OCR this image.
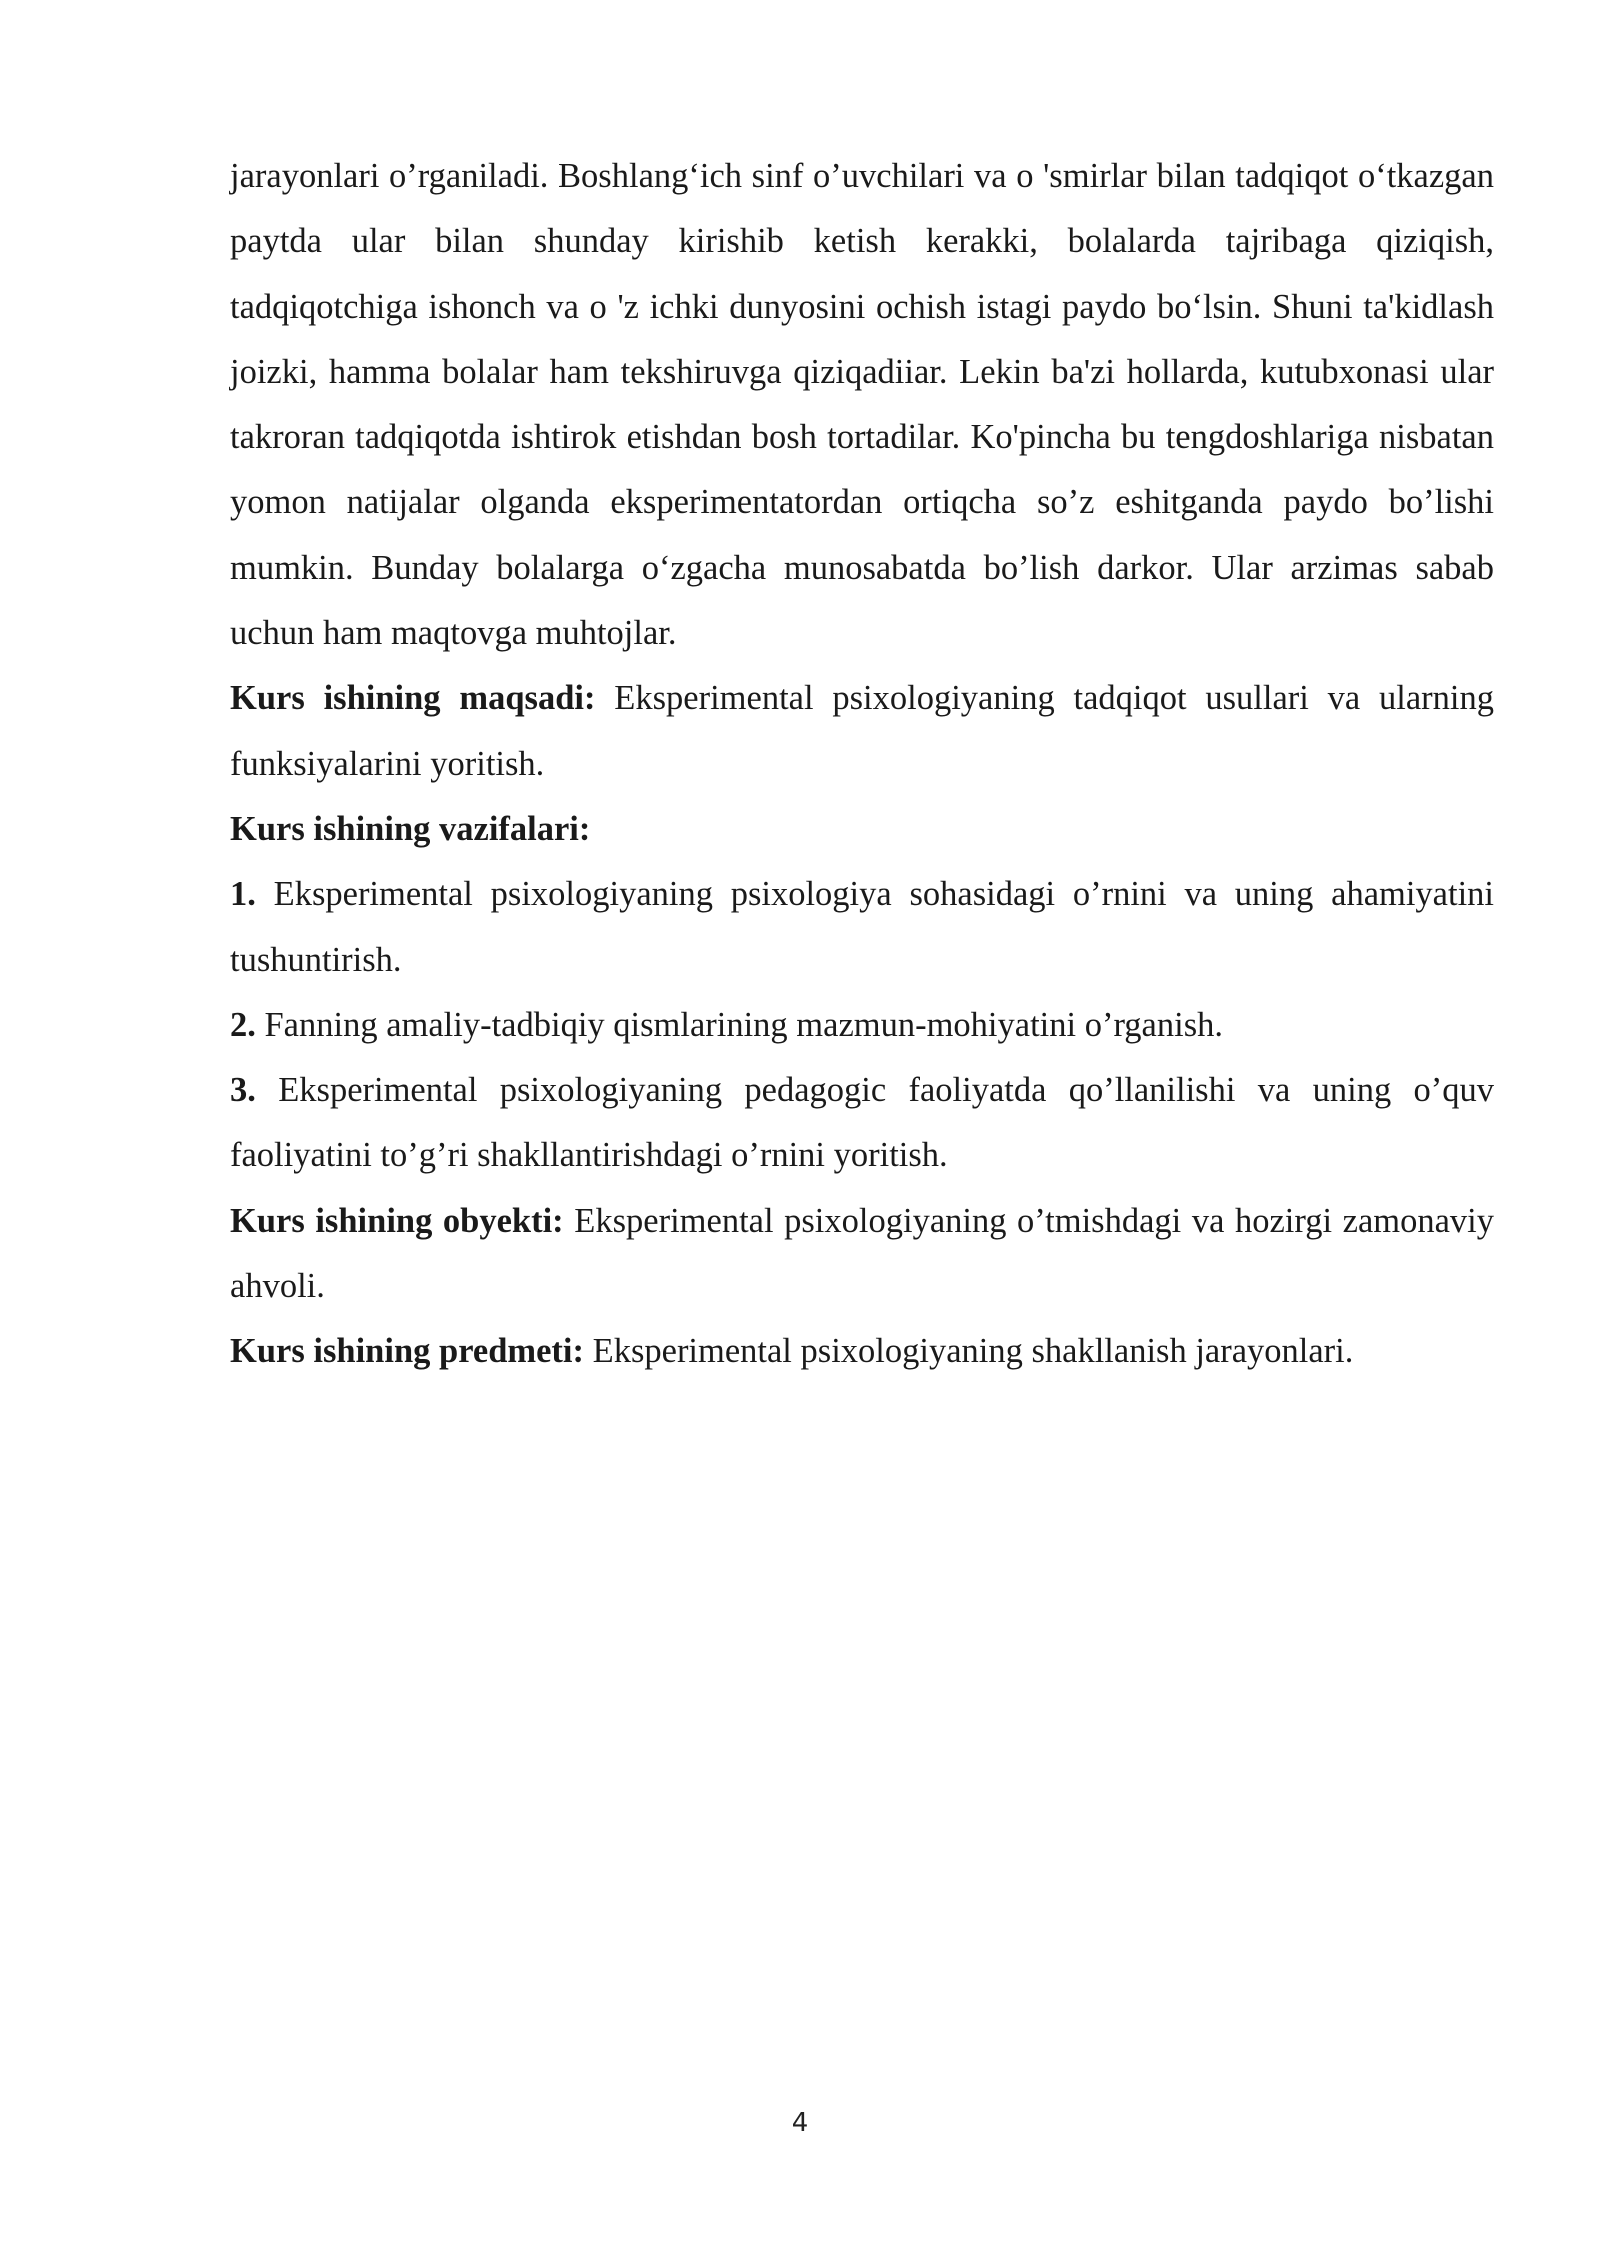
jarayonlari o’rganiladi. Boshlang‘ich sinf o’uvchilari va o 'smirlar bilan tadqiqot o‘tkazgan paytda ular bilan shunday kirishib ketish kerakki, bolalarda tajribaga qiziqish, tadqiqotchiga ishonch va o 'z ichki dunyosini ochish istagi paydo bo‘lsin. Shuni ta'kidlash joizki, hamma bolalar ham tekshiruvga qiziqadiiar. Lekin ba'zi hollarda, kutubxonasi ular takroran tadqiqotda ishtirok etishdan bosh tortadilar. Ko'pincha bu tengdoshlariga nisbatan yomon natijalar olganda eksperimentatordan ortiqcha so’z eshitganda paydo bo’lishi mumkin. Bunday bolalarga o‘zgacha munosabatda bo’lish darkor. Ular arzimas sabab uchun ham maqtovga muhtojlar.

Kurs ishining maqsadi: Eksperimental psixologiyaning tadqiqot usullari va ularning funksiyalarini yoritish.

Kurs ishining vazifalari:

1. Eksperimental psixologiyaning psixologiya sohasidagi o’rnini va uning ahamiyatini tushuntirish.

2. Fanning amaliy-tadbiqiy qismlarining mazmun-mohiyatini o’rganish.

3. Eksperimental psixologiyaning pedagogic faoliyatda qo’llanilishi va uning o’quv faoliyatini to’g’ri shakllantirishdagi o’rnini yoritish.

Kurs ishining obyekti: Eksperimental psixologiyaning o’tmishdagi va hozirgi zamonaviy ahvoli.

Kurs ishining predmeti: Eksperimental psixologiyaning shakllanish jarayonlari.

4
